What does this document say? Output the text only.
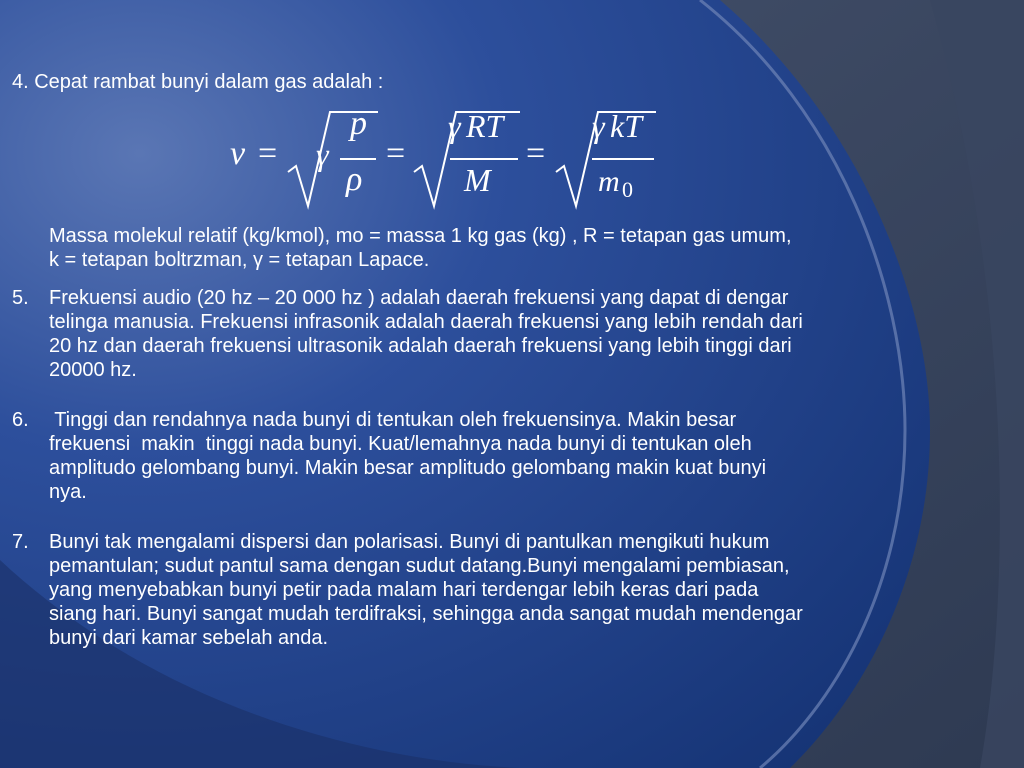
4. Cepat rambat bunyi dalam gas adalah :
v = γ
p
ρ
=
γ RT
M
=
γ kT
m 0
Massa molekul relatif (kg/kmol), mo = massa 1 kg gas (kg) , R = tetapan gas umum,
k = tetapan boltrzman, γ = tetapan Lapace.
5. Frekuensi audio (20 hz – 20 000 hz ) adalah daerah frekuensi yang dapat di dengar
telinga manusia. Frekuensi infrasonik adalah daerah frekuensi yang lebih rendah dari
20 hz dan daerah frekuensi ultrasonik adalah daerah frekuensi yang lebih tinggi dari
20000 hz.
6. Tinggi dan rendahnya nada bunyi di tentukan oleh frekuensinya. Makin besar
frekuensi  makin  tinggi nada bunyi. Kuat/lemahnya nada bunyi di tentukan oleh
amplitudo gelombang bunyi. Makin besar amplitudo gelombang makin kuat bunyi
nya.
7. Bunyi tak mengalami dispersi dan polarisasi. Bunyi di pantulkan mengikuti hukum
pemantulan; sudut pantul sama dengan sudut datang.Bunyi mengalami pembiasan,
yang menyebabkan bunyi petir pada malam hari terdengar lebih keras dari pada
siang hari. Bunyi sangat mudah terdifraksi, sehingga anda sangat mudah mendengar
bunyi dari kamar sebelah anda.
